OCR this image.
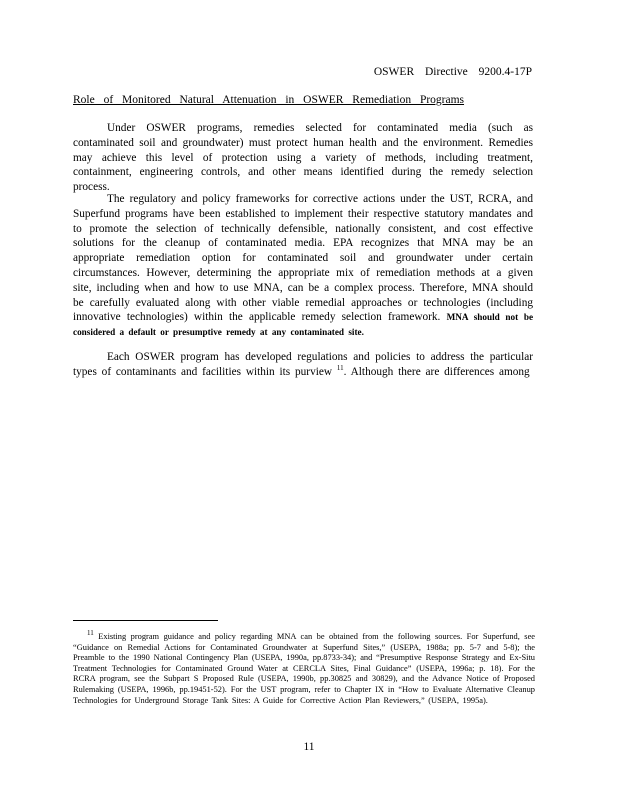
OSWER Directive 9200.4-17P
Role of Monitored Natural Attenuation in OSWER Remediation Programs
Under OSWER programs, remedies selected for contaminated media (such as contaminated soil and groundwater) must protect human health and the environment. Remedies may achieve this level of protection using a variety of methods, including treatment, containment, engineering controls, and other means identified during the remedy selection process.
The regulatory and policy frameworks for corrective actions under the UST, RCRA, and Superfund programs have been established to implement their respective statutory mandates and to promote the selection of technically defensible, nationally consistent, and cost effective solutions for the cleanup of contaminated media. EPA recognizes that MNA may be an appropriate remediation option for contaminated soil and groundwater under certain circumstances. However, determining the appropriate mix of remediation methods at a given site, including when and how to use MNA, can be a complex process. Therefore, MNA should be carefully evaluated along with other viable remedial approaches or technologies (including innovative technologies) within the applicable remedy selection framework. MNA should not be considered a default or presumptive remedy at any contaminated site.
Each OSWER program has developed regulations and policies to address the particular types of contaminants and facilities within its purview $^{11}$. Although there are differences among
$^{11}$ Existing program guidance and policy regarding MNA can be obtained from the following sources. For Superfund, see “Guidance on Remedial Actions for Contaminated Groundwater at Superfund Sites,” (USEPA, 1988a; pp. 5-7 and 5-8); the Preamble to the 1990 National Contingency Plan (USEPA, 1990a, pp.8733-34); and “Presumptive Response Strategy and Ex-Situ Treatment Technologies for Contaminated Ground Water at CERCLA Sites, Final Guidance” (USEPA, 1996a; p. 18). For the RCRA program, see the Subpart S Proposed Rule (USEPA, 1990b, pp.30825 and 30829), and the Advance Notice of Proposed Rulemaking (USEPA, 1996b, pp.19451-52). For the UST program, refer to Chapter IX in “How to Evaluate Alternative Cleanup Technologies for Underground Storage Tank Sites: A Guide for Corrective Action Plan Reviewers,” (USEPA, 1995a).
11
